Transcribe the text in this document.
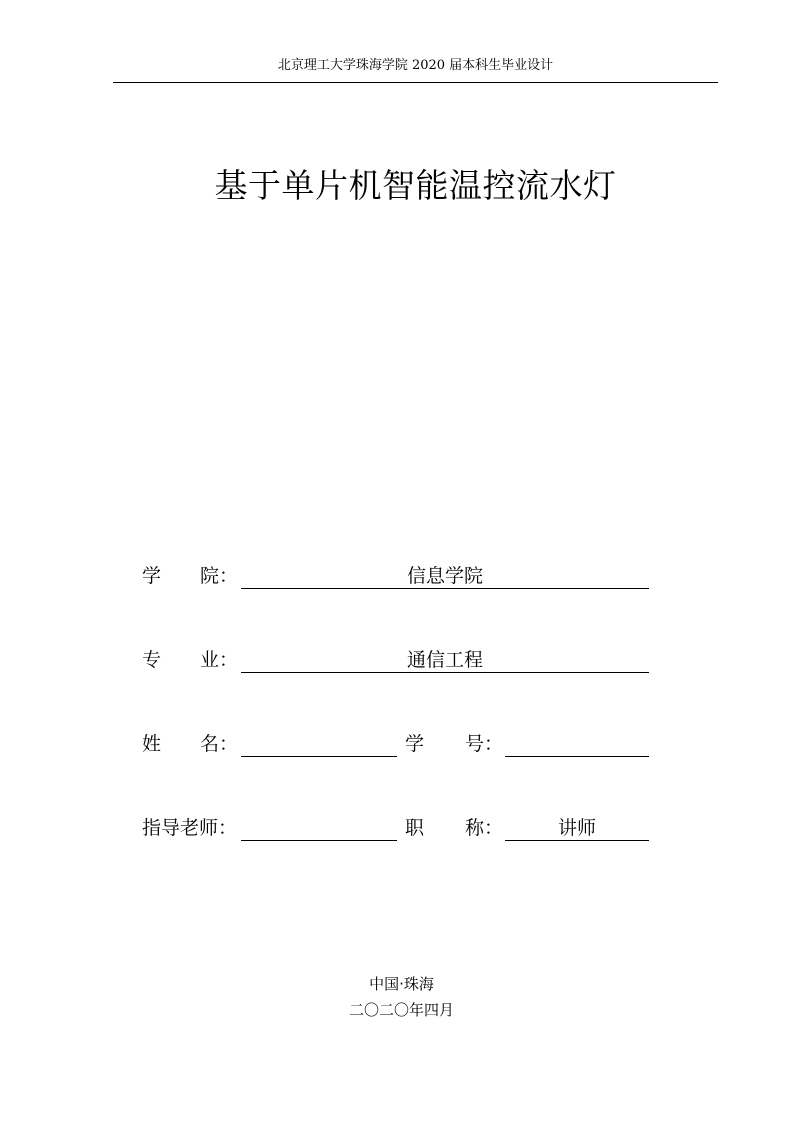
北京理工大学珠海学院 2020 届本科生毕业设计
基于单片机智能温控流水灯
学 院：	信息学院
专 业：	通信工程
姓 名：	学 号：
指导老师：	职 称：	讲师
中国·珠海
二〇二〇年四月
